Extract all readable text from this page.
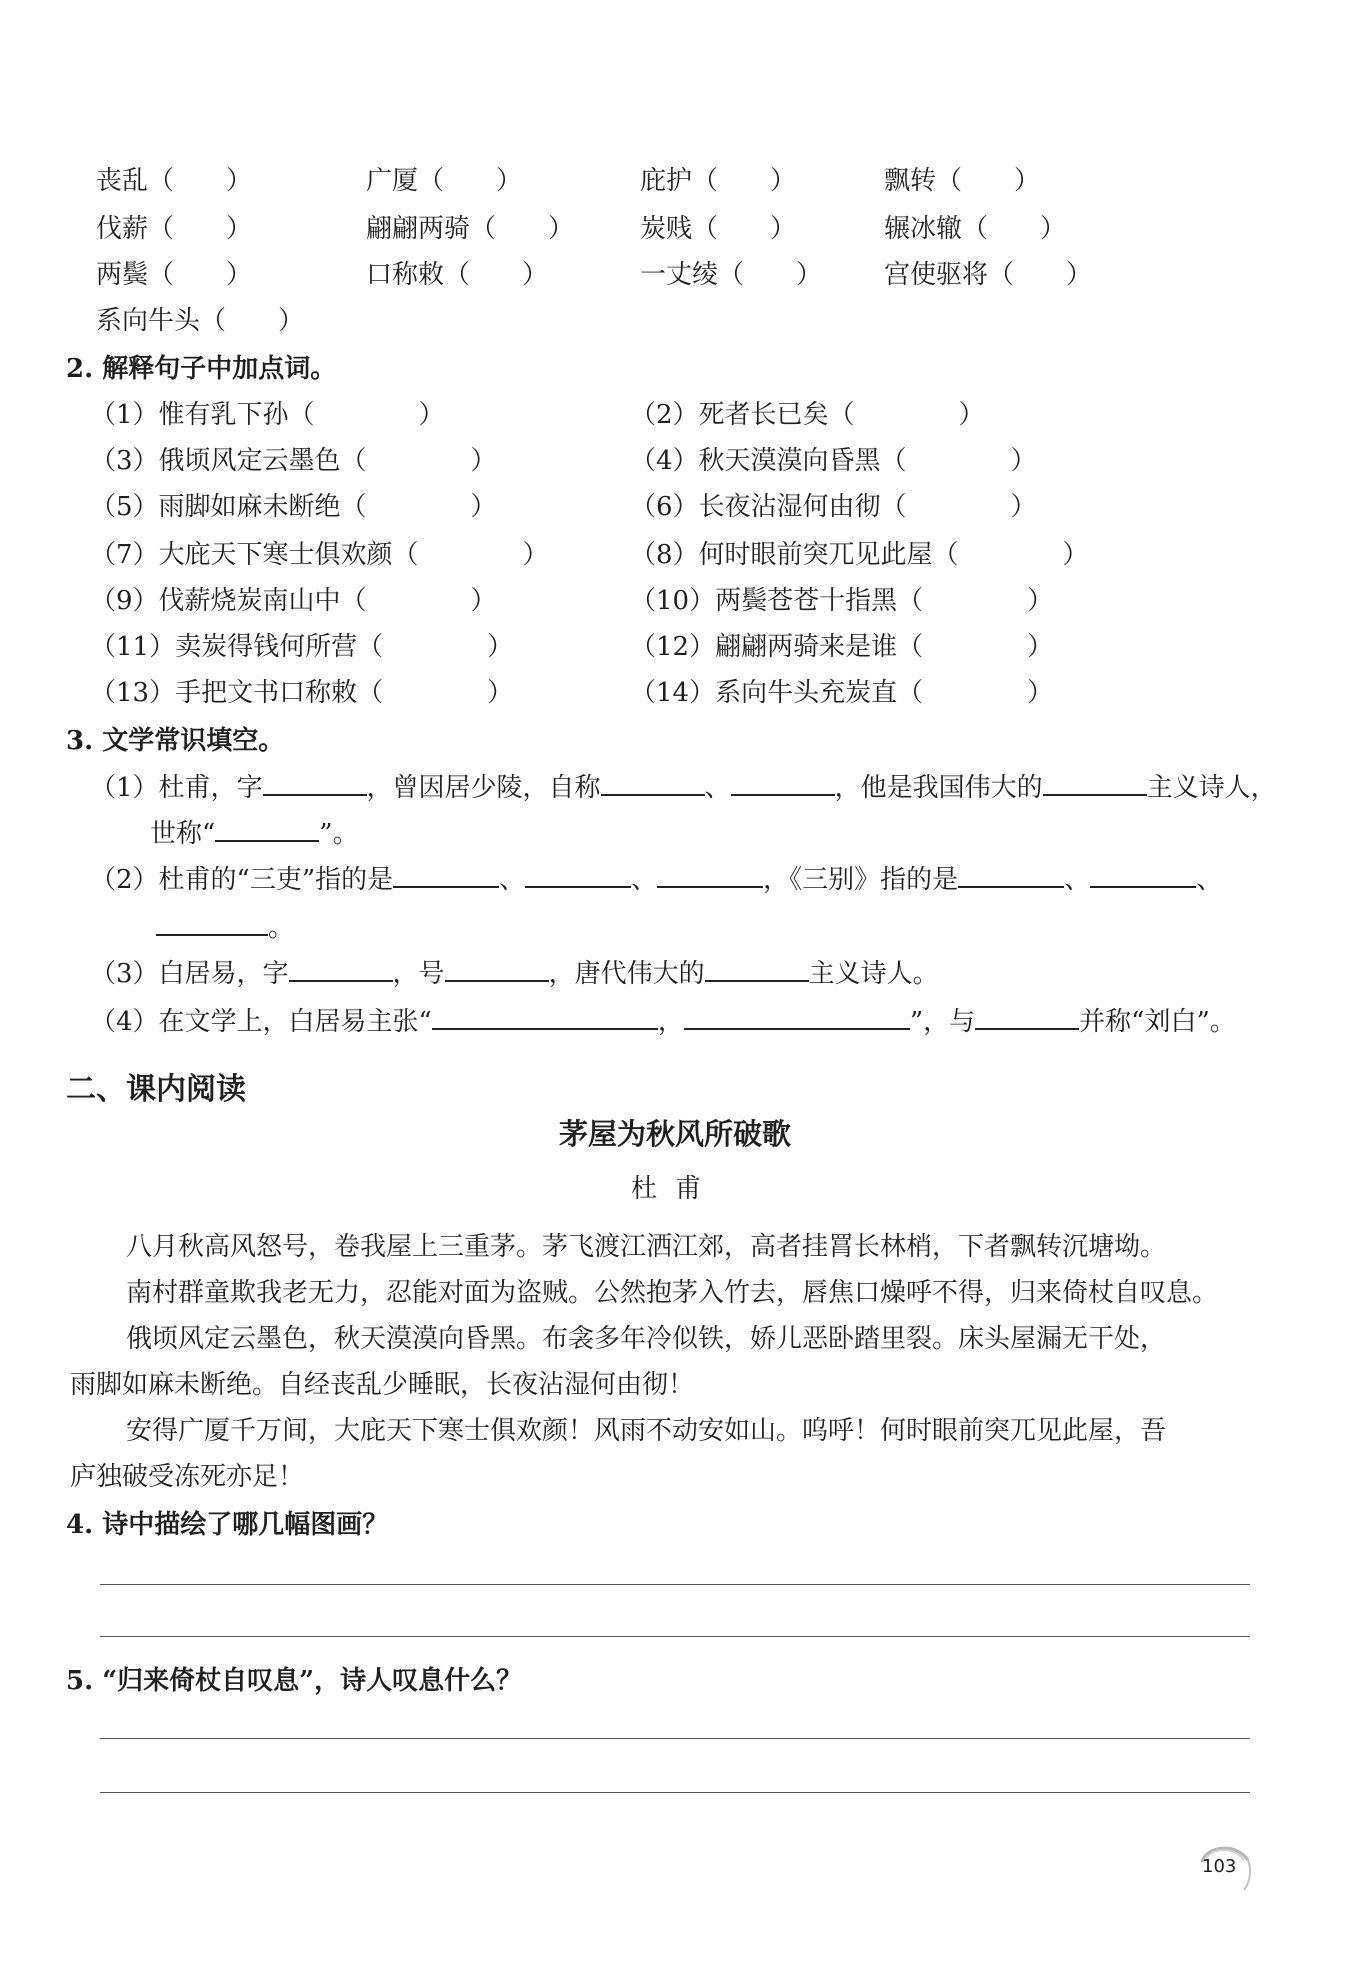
丧乱（　　）	广厦（　　）	庇护（　　）	飘转（　　）
伐薪（　　）	翩翩两骑（　　）	炭贱（　　）	辗冰辙（　　）
两鬓（　　）	口称敕（　　）	一丈绫（　　） 宫使驱将（　　）
系向牛头（　　）
2. 解释句子中加点词。
（1）惟有乳下孙（　　　　）	（2）死者长已矣（　　　　）
（3）俄顷风定云墨色（　　　　）	（4）秋天漠漠向昏黑（　　　　）
（5）雨脚如麻未断绝（　　　　）	（6）长夜沾湿何由彻（　　　　）
（7）大庇天下寒士俱欢颜（　　　　）	（8）何时眼前突兀见此屋（　　　　）
（9）伐薪烧炭南山中（　　　　）	（10）两鬓苍苍十指黑（　　　　）
（11）卖炭得钱何所营（　　　　）	（12）翩翩两骑来是谁（　　　　）
（13）手把文书口称敕（　　　　）	（14）系向牛头充炭直（　　　　）
3. 文学常识填空。
（1）杜甫，字	，曾因居少陵，自称	、	，他是我国伟大的	主义诗人，
世称“	”。
（2）杜甫的“三吏”指的是	、	、	，《三别》指的是	、	、
。
（3）白居易，字	，号	，唐代伟大的	主义诗人。
（4）在文学上，白居易主张“	，	”，与	并称“刘白”。
二、课内阅读
茅屋为秋风所破歌
杜甫
八月秋高风怒号，卷我屋上三重茅。茅飞渡江洒江郊，高者挂罥长林梢，下者飘转沉塘坳。
南村群童欺我老无力，忍能对面为盗贼。公然抱茅入竹去，唇焦口燥呼不得，归来倚杖自叹息。
俄顷风定云墨色，秋天漠漠向昏黑。布衾多年冷似铁，娇儿恶卧踏里裂。床头屋漏无干处，
雨脚如麻未断绝。自经丧乱少睡眠，长夜沾湿何由彻！
安得广厦千万间，大庇天下寒士俱欢颜！风雨不动安如山。呜呼！何时眼前突兀见此屋，吾
庐独破受冻死亦足！
4. 诗中描绘了哪几幅图画？
5. “归来倚杖自叹息”，诗人叹息什么？
103
